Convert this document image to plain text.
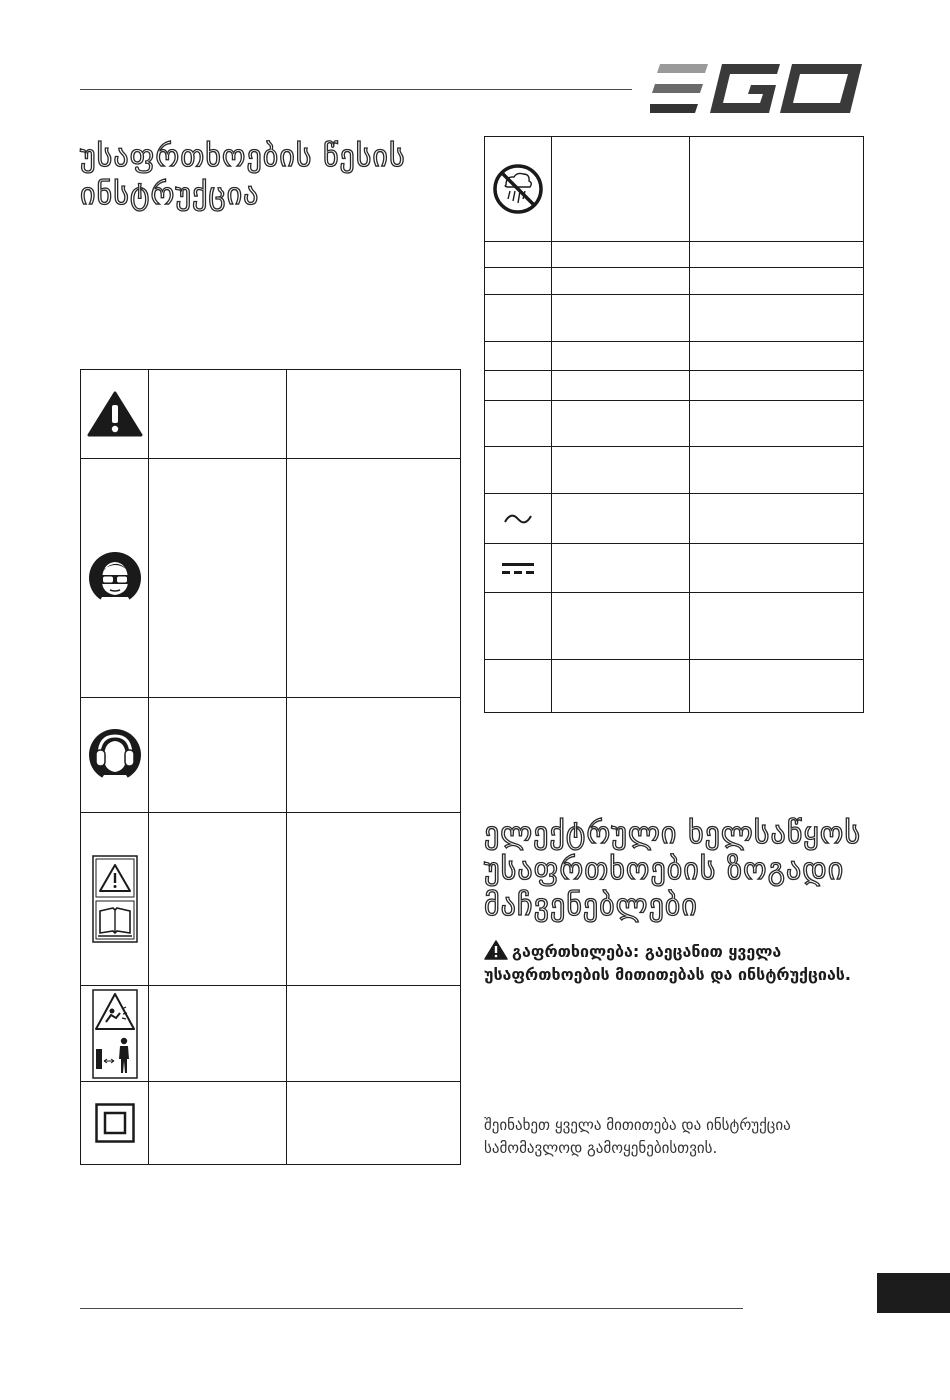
უსაფრთხოების წესის ინსტრუქცია

ელექტრული ხელსაწყოს უსაფრთხოების ზოგადი მაჩვენებლები

გაფრთხილება: გაეცანით ყველა უსაფრთხოების მითითებას და ინსტრუქციას.

შეინახეთ ყველა მითითება და ინსტრუქცია სამომავლოდ გამოყენებისთვის.
